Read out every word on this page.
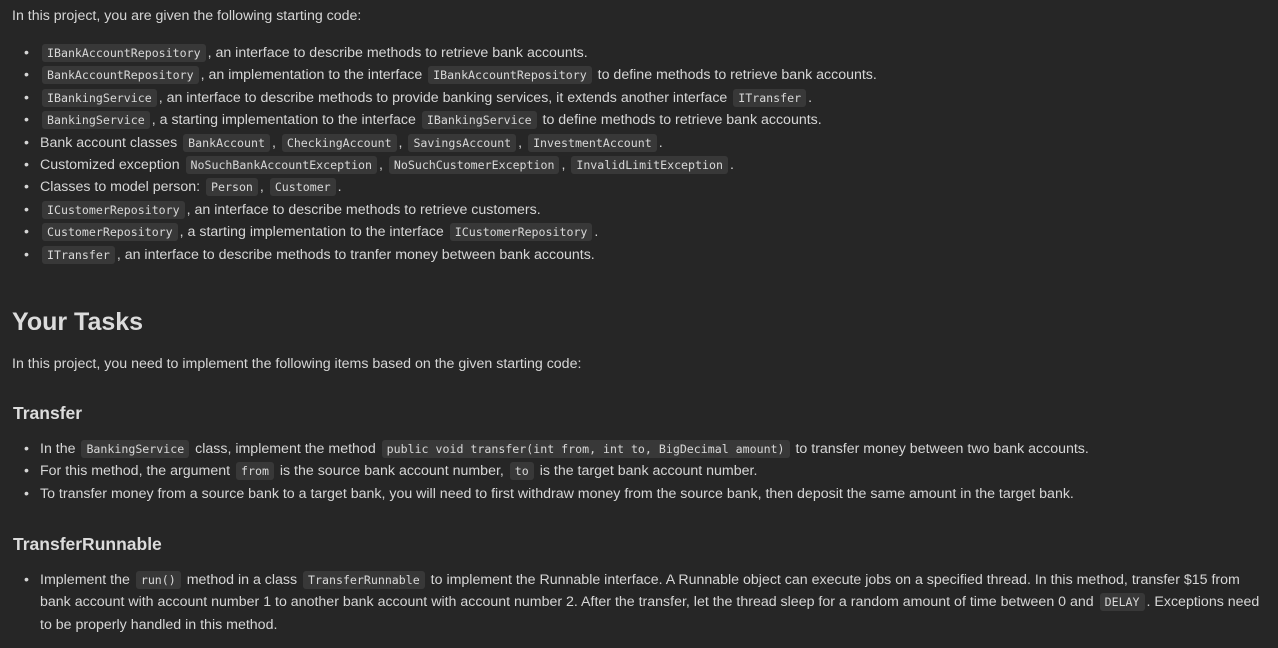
In this project, you are given the following starting code:

• IBankAccountRepository , an interface to describe methods to retrieve bank accounts.
• BankAccountRepository , an implementation to the interface IBankAccountRepository to define methods to retrieve bank accounts.
• IBankingService , an interface to describe methods to provide banking services, it extends another interface ITransfer .
• BankingService , a starting implementation to the interface IBankingService to define methods to retrieve bank accounts.
• Bank account classes BankAccount , CheckingAccount , SavingsAccount , InvestmentAccount .
• Customized exception NoSuchBankAccountException , NoSuchCustomerException , InvalidLimitException .
• Classes to model person: Person , Customer .
• ICustomerRepository , an interface to describe methods to retrieve customers.
• CustomerRepository , a starting implementation to the interface ICustomerRepository .
• ITransfer , an interface to describe methods to tranfer money between bank accounts.
Your Tasks

In this project, you need to implement the following items based on the given starting code:

Transfer
• In the BankingService class, implement the method public void transfer(int from, int to, BigDecimal amount) to transfer money between two bank accounts.
• For this method, the argument from is the source bank account number, to is the target bank account number.
• To transfer money from a source bank to a target bank, you will need to first withdraw money from the source bank, then deposit the same amount in the target bank.
TransferRunnable
• Implement the run() method in a class TransferRunnable to implement the Runnable interface. A Runnable object can execute jobs on a specified thread. In this method, transfer $15 from bank account with account number 1 to another bank account with account number 2. After the transfer, let the thread sleep for a random amount of time between 0 and DELAY . Exceptions need to be properly handled in this method.
